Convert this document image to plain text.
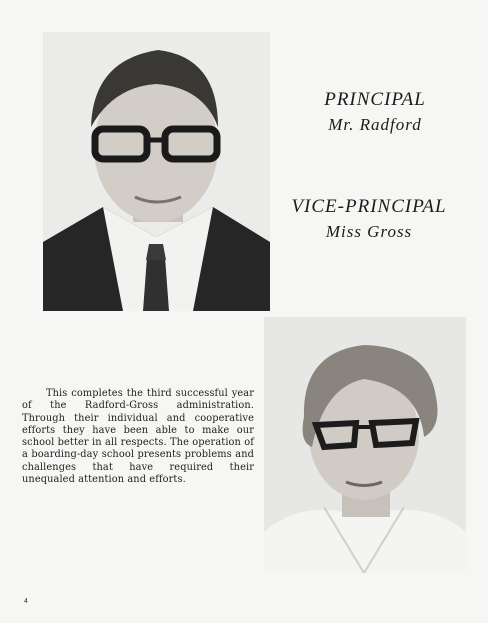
PRINCIPAL
Mr. Radford
VICE-PRINCIPAL
Miss Gross
This completes the third successful year of the Radford-Gross administration. Through their individual and cooperative efforts they have been able to make our school better in all respects. The operation of a boarding-day school presents problems and challenges that have required their unequaled attention and efforts.
4
